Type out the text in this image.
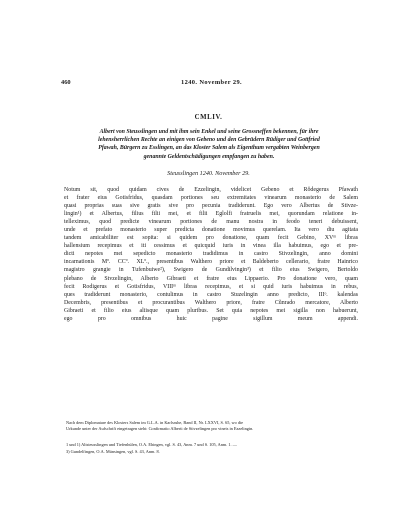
460	1240. November 29.
CMLIV.
Albert von Steusslingen und mit ihm sein Enkel und seine Grossneffen bekennen, für ihre
lehensherrlichen Rechte an einigen von Gebeno und den Gebrüdern Rüdiger und Gottfried
Pfawah, Bürgern zu Esslingen, an das Kloster Salem als Eigenthum vergabten Weinbergen
genannte Geldentschädigungen empfangen zu haben.
Steusslingen 1240. November 29.
Notum sit, quod quidam cives de Ezzelingin, videlicet Gebeno et Rŏdegerus Pfawath
et frater eius Gotisfridus, quasdam portiones seu extremitates vinearum monasterio de Salem
quasi proprias suas sive gratis sive pro pecunia tradiderunt. Ego vero Albertus de Stivze-
lingin¹) et Albertus, filius filii mei, et filii Eglolfi fratruelis mei, quorundam relatione in-
telleximus, quod predicte vinearum portiones de manu nostra in feodo teneri debuissent,
unde et prefato monasterio super predicta donatione movimus querelam. Ita vero diu agitata
tandem amicabiliter est sopita: si quidem pro donatione, quam fecit Gebino, XVᵐ libras
hallensium recepimus et iti cessimus et quicquid iuris in vinea illa habuimus, ego et pre-
dicti nepotes mei sepedicto monasterio tradidimus in castro Stivzelingin, anno domini
incarnationis Mº. CCº. XLº., presentibus Walthero priore et Baldeberto cellerario, fratre Hainrico
magistro grangie in Tufenbuiwe²), Swigero de Gundilvingin³) et filio eius Swigero, Bertoldo
plebano de Stvzelingin, Alberto Gibraeti et fratre eius Lippaerio. Pro donatione vero, quam
fecit Rodigerus et Gotisfridus, VIIIᵐ libras recepimus, et si quid iuris habuimus in rebus,
ques tradiderunt monasterio, contulimus in castro Stuzelingin anno predicto, IIIᵒ. kalendas
Decembris, presentibus et procurantibus Walthero priore, fratre Cŭnrado mercatore, Alberto
Gibraeti et filio eius aliisque quam pluribus. Set quia nepotes mei sigilla non habuerunt,
ego pro omnibus huic pagine sigillum meum appendi.
Nach dem Diplomatare des Klosters Salem im G.L.A. in Karlsruhe, Band II, Nr. LXXVI, S. 65, wo die
Urkunde unter der Aufschrift eingetragen steht: Confirmatio Alberti de Stivzelingen pro vineis in Ezzelingin.
1 und 1) Altsteusslingen und Tiefenhülen, O.A. Ehingen, vgl. S. 43, Anm. 7 und S. 105, Anm. 1. —
3) Gundelfingen, O.A. Münsingen, vgl. S. 43, Anm. 8.
